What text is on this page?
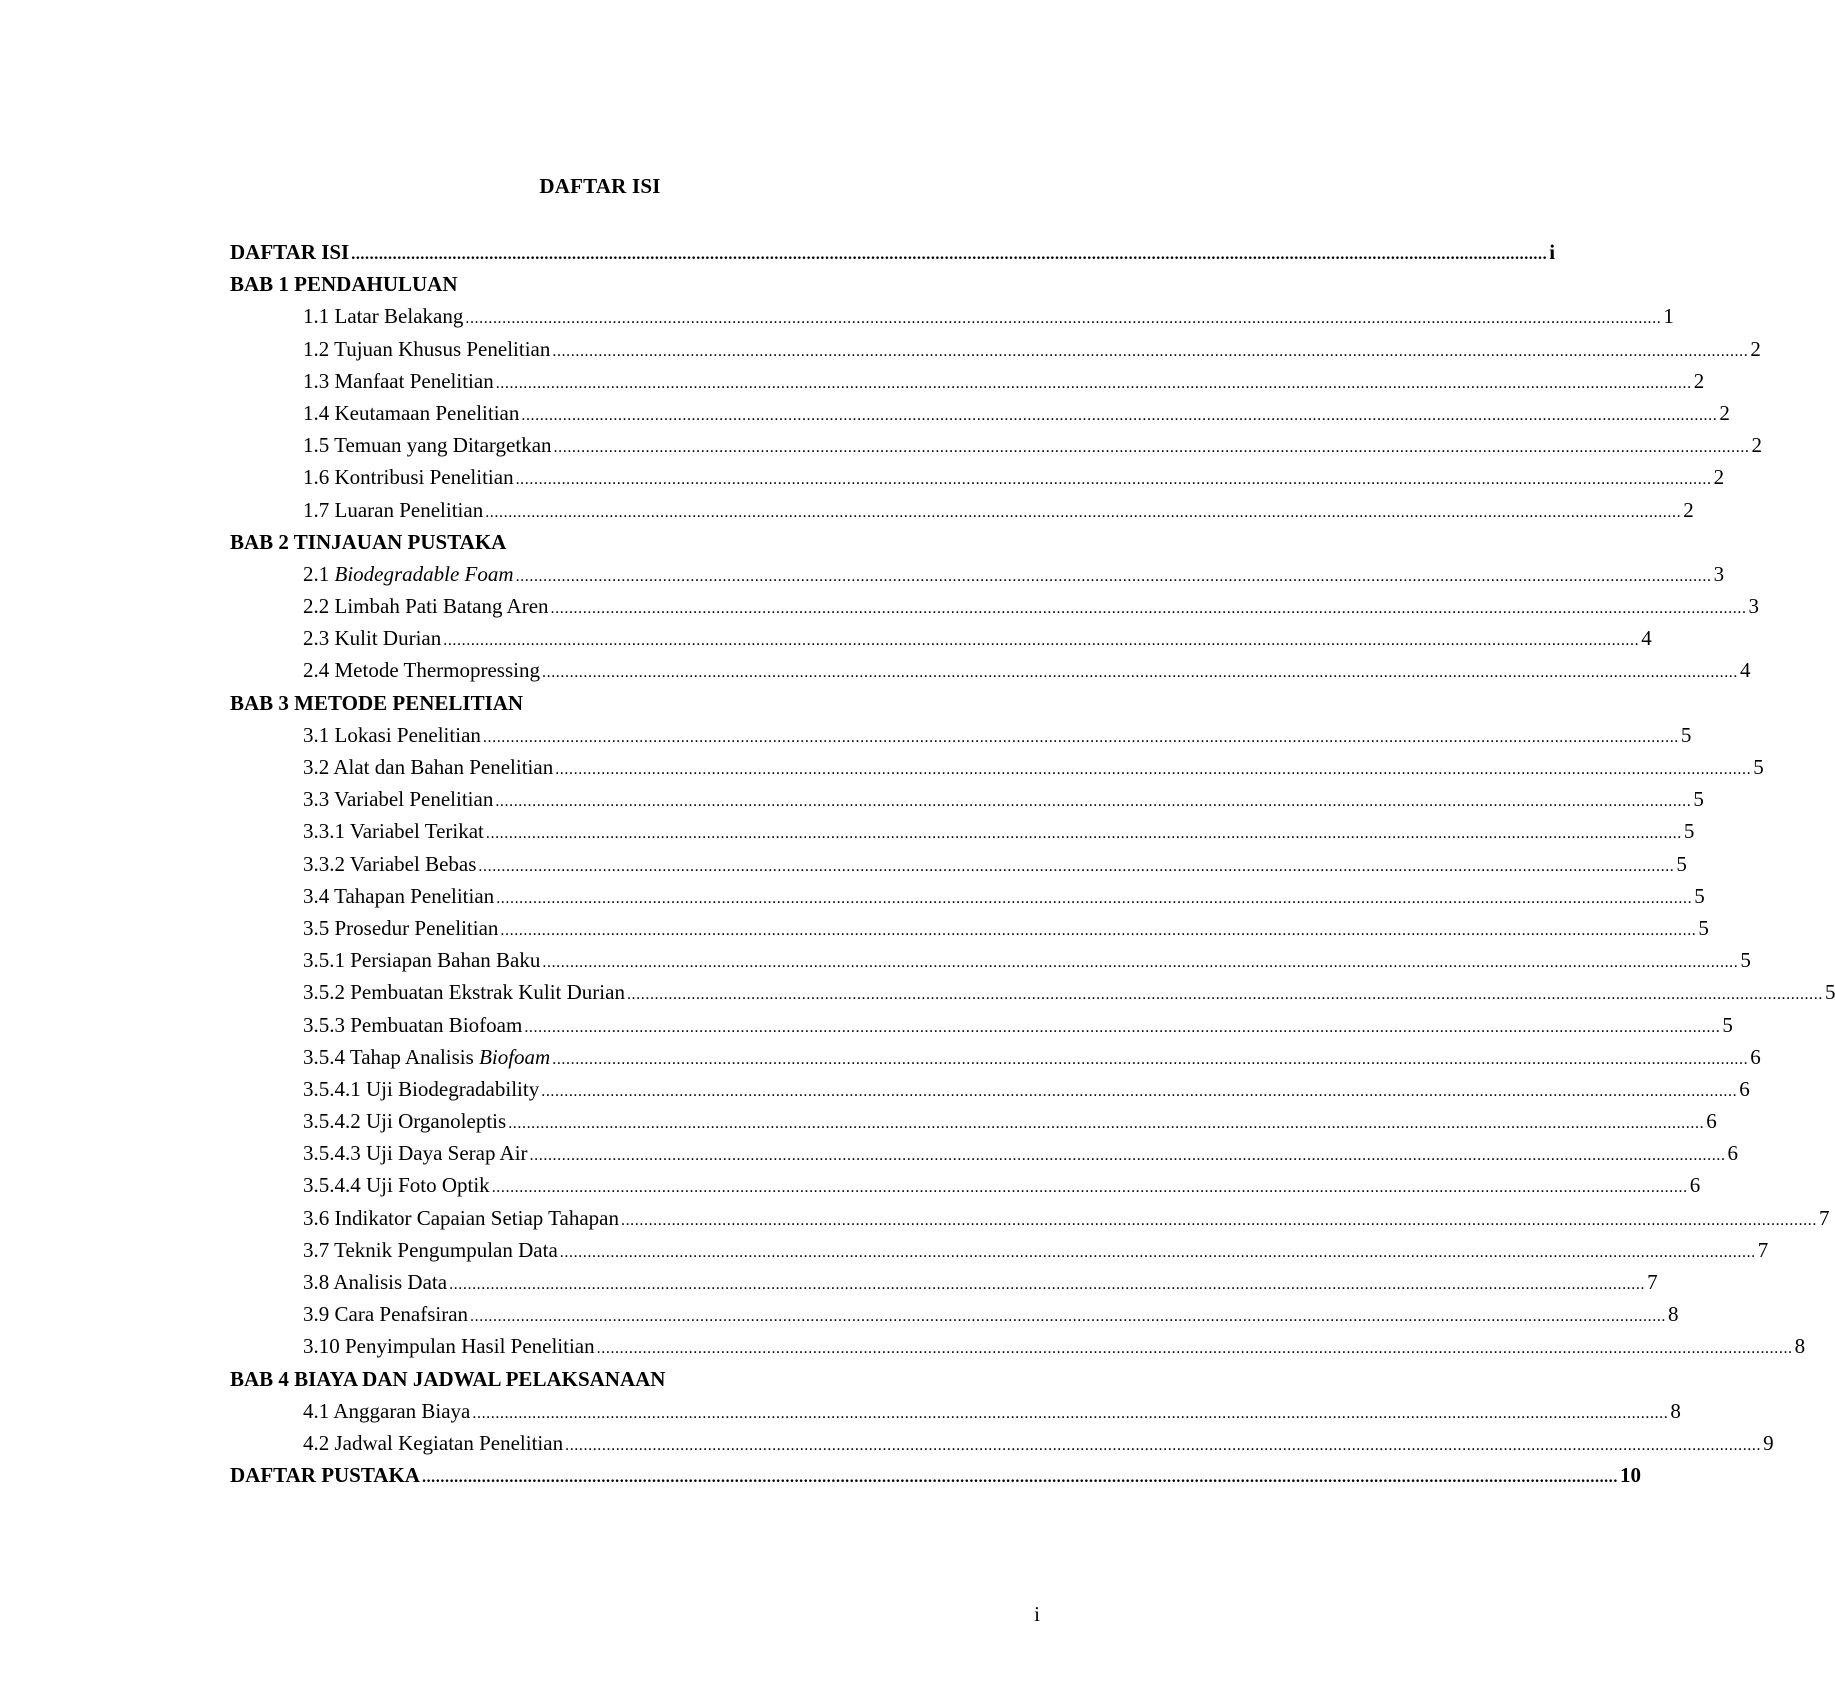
DAFTAR ISI
DAFTAR ISI .................................................................................................................................................................................................................................................................... i
BAB 1 PENDAHULUAN
1.1 Latar Belakang .................................................................................................................................................................................................................................................................... 1
1.2 Tujuan Khusus Penelitian .................................................................................................................................................................................................................................................................... 2
1.3 Manfaat Penelitian .................................................................................................................................................................................................................................................................... 2
1.4 Keutamaan Penelitian .................................................................................................................................................................................................................................................................... 2
1.5 Temuan yang Ditargetkan .................................................................................................................................................................................................................................................................... 2
1.6 Kontribusi Penelitian .................................................................................................................................................................................................................................................................... 2
1.7 Luaran Penelitian .................................................................................................................................................................................................................................................................... 2
BAB 2 TINJAUAN PUSTAKA
2.1 Biodegradable Foam .................................................................................................................................................................................................................................................................... 3
2.2 Limbah Pati Batang Aren .................................................................................................................................................................................................................................................................... 3
2.3 Kulit Durian .................................................................................................................................................................................................................................................................... 4
2.4 Metode Thermopressing .................................................................................................................................................................................................................................................................... 4
BAB 3 METODE PENELITIAN
3.1 Lokasi Penelitian .................................................................................................................................................................................................................................................................... 5
3.2 Alat dan Bahan Penelitian .................................................................................................................................................................................................................................................................... 5
3.3 Variabel Penelitian .................................................................................................................................................................................................................................................................... 5
3.3.1 Variabel Terikat .................................................................................................................................................................................................................................................................... 5
3.3.2 Variabel Bebas .................................................................................................................................................................................................................................................................... 5
3.4 Tahapan Penelitian .................................................................................................................................................................................................................................................................... 5
3.5 Prosedur Penelitian .................................................................................................................................................................................................................................................................... 5
3.5.1 Persiapan Bahan Baku .................................................................................................................................................................................................................................................................... 5
3.5.2 Pembuatan Ekstrak Kulit Durian .................................................................................................................................................................................................................................................................... 5
3.5.3 Pembuatan Biofoam .................................................................................................................................................................................................................................................................... 5
3.5.4 Tahap Analisis Biofoam .................................................................................................................................................................................................................................................................... 6
3.5.4.1 Uji Biodegradability .................................................................................................................................................................................................................................................................... 6
3.5.4.2 Uji Organoleptis .................................................................................................................................................................................................................................................................... 6
3.5.4.3 Uji Daya Serap Air .................................................................................................................................................................................................................................................................... 6
3.5.4.4 Uji Foto Optik .................................................................................................................................................................................................................................................................... 6
3.6 Indikator Capaian Setiap Tahapan .................................................................................................................................................................................................................................................................... 7
3.7 Teknik Pengumpulan Data .................................................................................................................................................................................................................................................................... 7
3.8 Analisis Data .................................................................................................................................................................................................................................................................... 7
3.9 Cara Penafsiran .................................................................................................................................................................................................................................................................... 8
3.10 Penyimpulan Hasil Penelitian .................................................................................................................................................................................................................................................................... 8
BAB 4 BIAYA DAN JADWAL PELAKSANAAN
4.1 Anggaran Biaya .................................................................................................................................................................................................................................................................... 8
4.2 Jadwal Kegiatan Penelitian .................................................................................................................................................................................................................................................................... 9
DAFTAR PUSTAKA .................................................................................................................................................................................................................................................................... 10
i
